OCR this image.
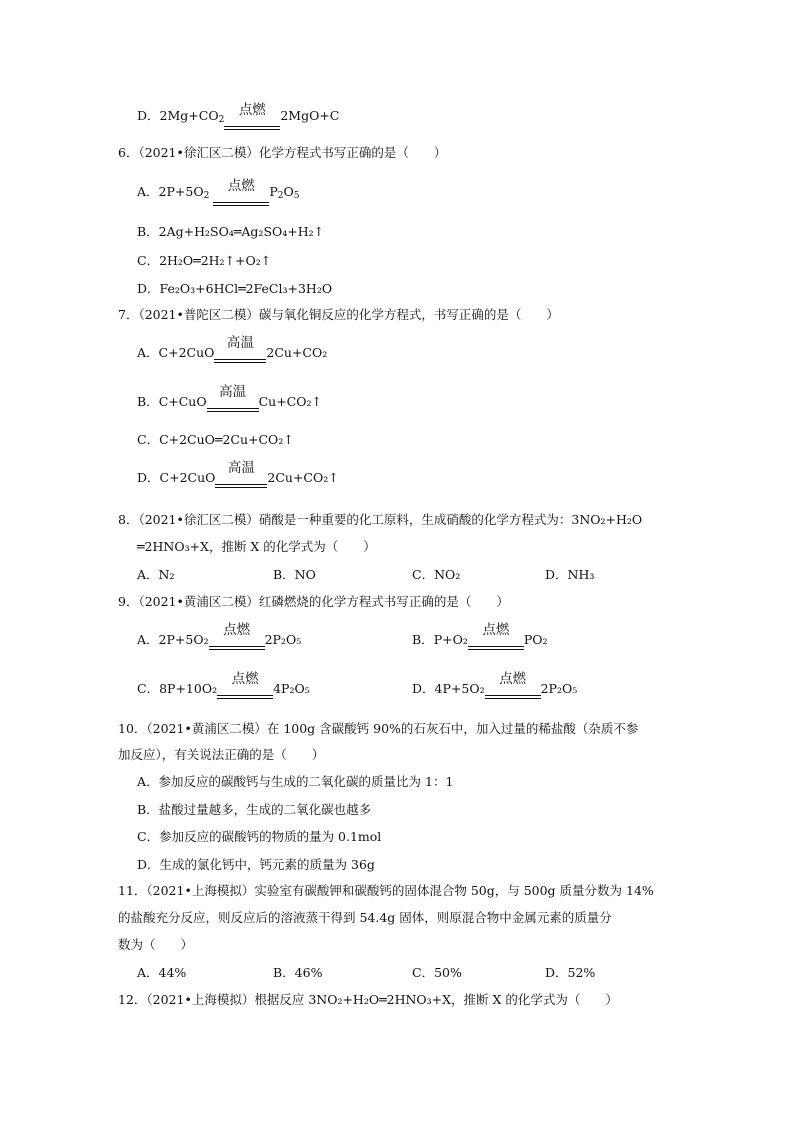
D．$2Mg+CO_2$
点燃	2MgO+C
6．（2021•徐汇区二模）化学方程式书写正确的是（　　）
A．$2P+5O_2$
点燃	$P_2O_5$
B．2Ag+H₂SO₄═Ag₂SO₄+H₂↑
C．2H₂O═2H₂↑+O₂↑
D．Fe₂O₃+6HCl═2FeCl₃+3H₂O
7．（2021•普陀区二模）碳与氧化铜反应的化学方程式，书写正确的是（　　）
A．C+2CuO
高温
2Cu+CO₂
B．C+CuO
高温
Cu+CO₂↑
C．C+2CuO═2Cu+CO₂↑
D．C+2CuO
高温
2Cu+CO₂↑
8．（2021•徐汇区二模）硝酸是一种重要的化工原料，生成硝酸的化学方程式为：3NO₂+H₂O
═2HNO₃+X，推断 X 的化学式为（　　）
A．N₂	B．NO	C．NO₂	D．NH₃
9．（2021•黄浦区二模）红磷燃烧的化学方程式书写正确的是（　　）
A．2P+5O₂
点燃
2P₂O₅	B．P+O₂
点燃
PO₂
C．8P+10O₂
点燃
4P₂O₅	D．4P+5O₂
点燃
2P₂O₅
10．（2021•黄浦区二模）在 100g 含碳酸钙 90%的石灰石中，加入过量的稀盐酸（杂质不参
加反应），有关说法正确的是（　　）
A．参加反应的碳酸钙与生成的二氧化碳的质量比为 1：1
B．盐酸过量越多，生成的二氧化碳也越多
C．参加反应的碳酸钙的物质的量为 0.1mol
D．生成的氯化钙中，钙元素的质量为 36g
11．（2021•上海模拟）实验室有碳酸钾和碳酸钙的固体混合物 50g，与 500g 质量分数为 14%
的盐酸充分反应，则反应后的溶液蒸干得到 54.4g 固体，则原混合物中金属元素的质量分
数为（　　）
A．44%	B．46%	C．50%	D．52%
12．（2021•上海模拟）根据反应 3NO₂+H₂O═2HNO₃+X，推断 X 的化学式为（　　）
